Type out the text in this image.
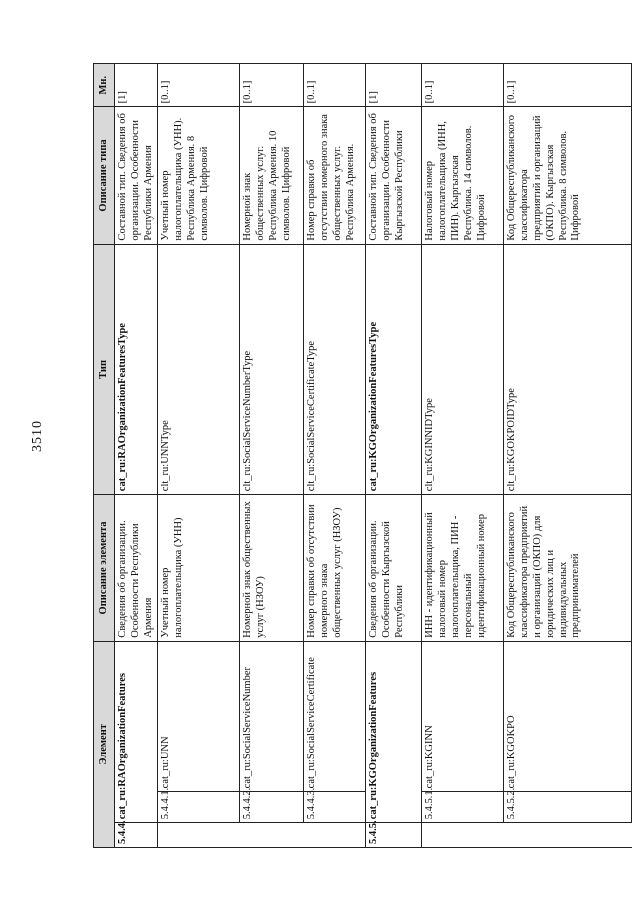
3510
Элемент			Описание элемента	Тип	Описание типа	Мн.
5.4.4.	cat_ru:RAOrganizationFeatures		Сведения об организации. Особенности Республики Армения	cat_ru:RAOrganizationFeaturesType	Составной тип. Сведения об организации. Особенности Республики Армения	[1]
	5.4.4.1.	cat_ru:UNN	Учетный номер налогоплательщика (УНН)	clt_ru:UNNType	Учетный номер налогоплательщика (УНН). Республика Армения. 8 символов. Цифровой	[0..1]
	5.4.4.2.	cat_ru:SocialServiceNumber	Номерной знак общественных услуг (НЗОУ)	clt_ru:SocialServiceNumberType	Номерной знак общественных услуг. Республика Армения. 10 символов. Цифровой	[0..1]
	5.4.4.3.	cat_ru:SocialServiceCertificate	Номер справки об отсутствии номерного знака общественных услуг (НЗОУ)	clt_ru:SocialServiceCertificateType	Номер справки об отсутствии номерного знака общественных услуг. Республика Армения.	[0..1]
5.4.5.	cat_ru:KGOrganizationFeatures		Сведения об организации. Особенности Кыргызской Республики	cat_ru:KGOrganizationFeaturesType	Составной тип. Сведения об организации. Особенности Кыргызской Республики	[1]
	5.4.5.1.	cat_ru:KGINN	ИНН - идентификационный налоговый номер налогоплательщика, ПИН - персональный идентификационный номер	clt_ru:KGINNIDType	Налоговый номер налогоплательщика (ИНН, ПИН). Кыргызская Республика. 14 символов. Цифровой	[0..1]
	5.4.5.2.	cat_ru:KGOKPO	Код Общереспубликанского классификатора предприятий и организаций (ОКПО) для юридических лиц и индивидуальных предпринимателей	clt_ru:KGOKPOIDType	Код Общереспубликанского классификатора предприятий и организаций (ОКПО). Кыргызская Республика. 8 символов. Цифровой	[0..1]
